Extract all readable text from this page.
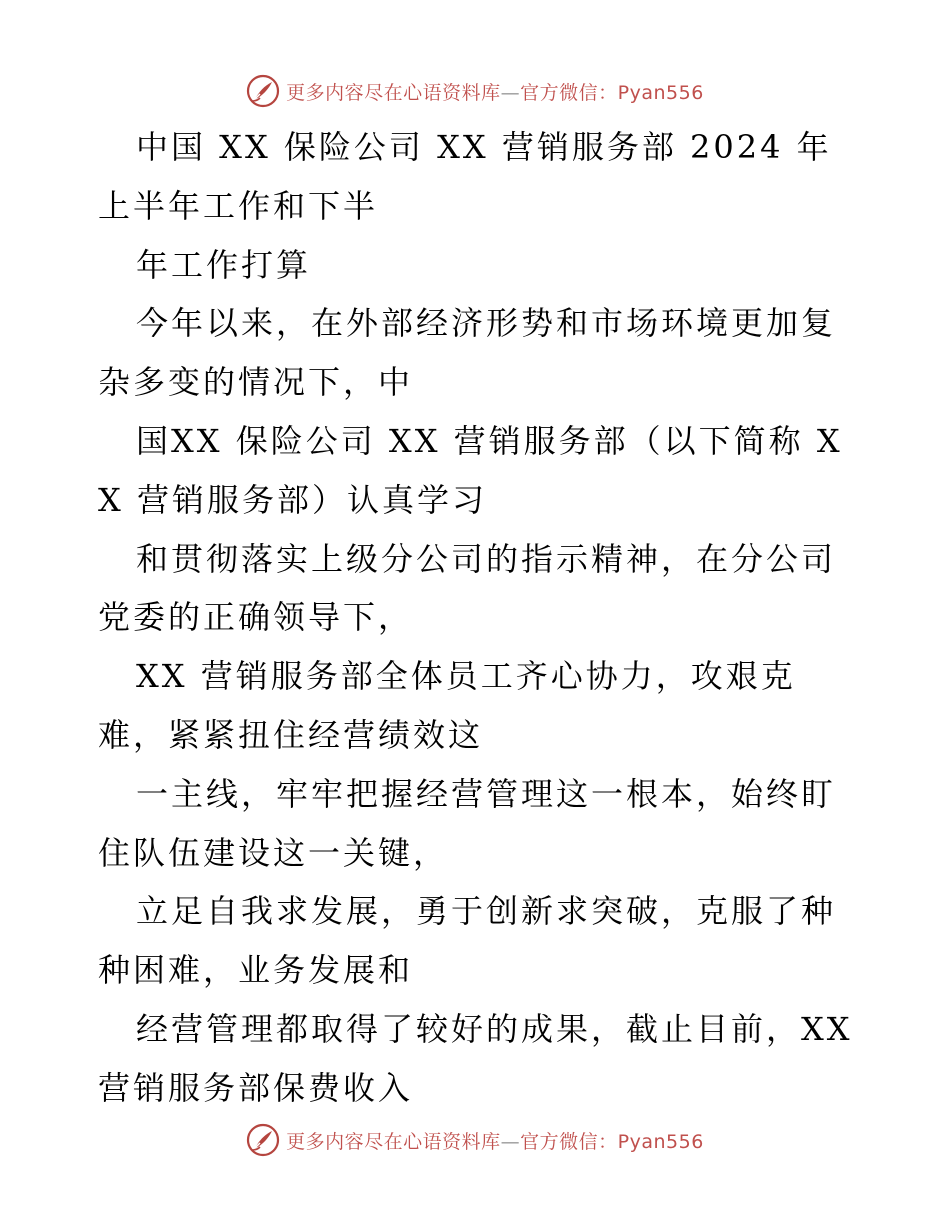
更多内容尽在心语资料库—官方微信：Pyan556

中国 XX 保险公司 XX 营销服务部 2024 年上半年工作和下半

年工作打算

今年以来，在外部经济形势和市场环境更加复杂多变的情况下，中

国XX 保险公司 XX 营销服务部（以下简称 XX 营销服务部）认真学习

和贯彻落实上级分公司的指示精神，在分公司党委的正确领导下，

XX 营销服务部全体员工齐心协力，攻艰克难，紧紧扭住经营绩效这

一主线，牢牢把握经营管理这一根本，始终盯住队伍建设这一关键，

立足自我求发展，勇于创新求突破，克服了种种困难，业务发展和

经营管理都取得了较好的成果，截止目前，XX 营销服务部保费收入

更多内容尽在心语资料库—官方微信：Pyan556
